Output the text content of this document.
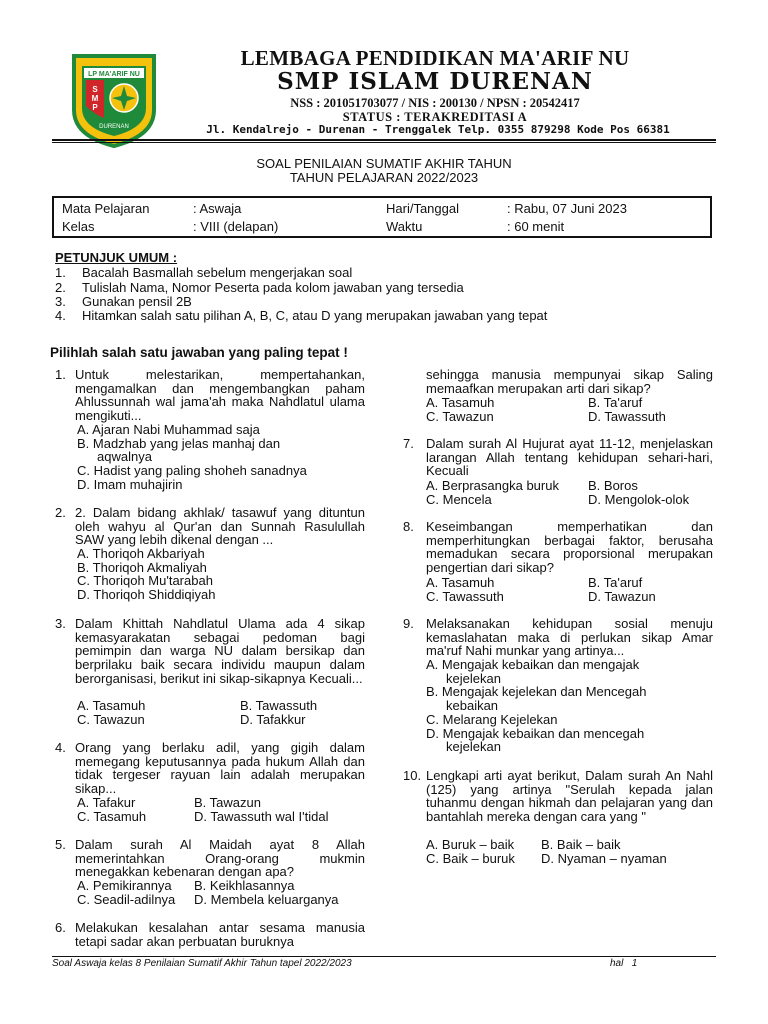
LP MA'ARIF NU
S
M
P
DURENAN
LEMBAGA PENDIDIKAN MA'ARIF NU
SMP ISLAM DURENAN
NSS : 201051703077 / NIS : 200130 / NPSN : 20542417
STATUS : TERAKREDITASI A
Jl. Kendalrejo - Durenan - Trenggalek Telp. 0355 879298 Kode Pos 66381
SOAL PENILAIAN SUMATIF AKHIR TAHUN
TAHUN PELAJARAN 2022/2023
Mata Pelajaran	: Aswaja	Hari/Tanggal	: Rabu, 07 Juni 2023
Kelas	: VIII (delapan)	Waktu	: 60 menit
PETUNJUK UMUM :
1. Bacalah Basmallah sebelum mengerjakan soal
2. Tulislah Nama, Nomor Peserta pada kolom jawaban yang tersedia
3. Gunakan pensil 2B
4. Hitamkan salah satu pilihan A, B, C, atau D yang merupakan jawaban yang tepat
Pilihlah salah satu jawaban yang paling tepat !
1. Untuk melestarikan, mempertahankan, mengamalkan dan mengembangkan paham Ahlussunnah wal jama'ah maka Nahdlatul ulama mengikuti...
A. Ajaran Nabi Muhammad saja
B. Madzhab yang jelas manhaj dan
aqwalnya
C. Hadist yang paling shoheh sanadnya
D. Imam muhajirin
2. 2. Dalam bidang akhlak/ tasawuf yang dituntun oleh wahyu al Qur'an dan Sunnah Rasulullah SAW yang lebih dikenal dengan ...
A. Thoriqoh Akbariyah
B. Thoriqoh Akmaliyah
C. Thoriqoh Mu'tarabah
D. Thoriqoh Shiddiqiyah
3. Dalam Khittah Nahdlatul Ulama ada 4 sikap kemasyarakatan sebagai pedoman bagi pemimpin dan warga NU dalam bersikap dan berprilaku baik secara individu maupun dalam berorganisasi, berikut ini sikap-sikapnya Kecuali...
A. Tasamuh	B. Tawassuth
C. Tawazun	D. Tafakkur
4. Orang yang berlaku adil, yang gigih dalam memegang keputusannya pada hukum Allah dan tidak tergeser rayuan lain adalah merupakan sikap...
A. Tafakur	B. Tawazun
C. Tasamuh	D. Tawassuth wal I'tidal
5. Dalam surah Al Maidah ayat 8 Allah memerintahkan Orang-orang mukmin menegakkan kebenaran dengan apa?
A. Pemikirannya	B. Keikhlasannya
C. Seadil-adilnya	D. Membela keluarganya
6. Melakukan kesalahan antar sesama manusia tetapi sadar akan perbuatan buruknya
sehingga manusia mempunyai sikap Saling memaafkan merupakan arti dari sikap?
A. Tasamuh	B. Ta'aruf
C. Tawazun	D. Tawassuth
7. Dalam surah Al Hujurat ayat 11-12, menjelaskan larangan Allah tentang kehidupan sehari-hari, Kecuali
A. Berprasangka buruk	B. Boros
C. Mencela	D. Mengolok-olok
8. Keseimbangan memperhatikan dan memperhitungkan berbagai faktor, berusaha memadukan secara proporsional merupakan pengertian dari sikap?
A. Tasamuh	B. Ta'aruf
C. Tawassuth	D. Tawazun
9. Melaksanakan kehidupan sosial menuju kemaslahatan maka di perlukan sikap Amar ma'ruf Nahi munkar yang artinya...
A. Mengajak kebaikan dan mengajak
kejelekan
B. Mengajak kejelekan dan Mencegah
kebaikan
C. Melarang Kejelekan
D. Mengajak kebaikan dan mencegah
kejelekan
10. Lengkapi arti ayat berikut, Dalam surah An Nahl (125) yang artinya "Serulah kepada jalan tuhanmu dengan hikmah dan pelajaran yang dan bantahlah mereka dengan cara yang "
A. Buruk – baik	B. Baik – baik
C. Baik – buruk	D. Nyaman – nyaman
Soal Aswaja kelas 8 Penilaian Sumatif Akhir Tahun tapel 2022/2023	hal 1
